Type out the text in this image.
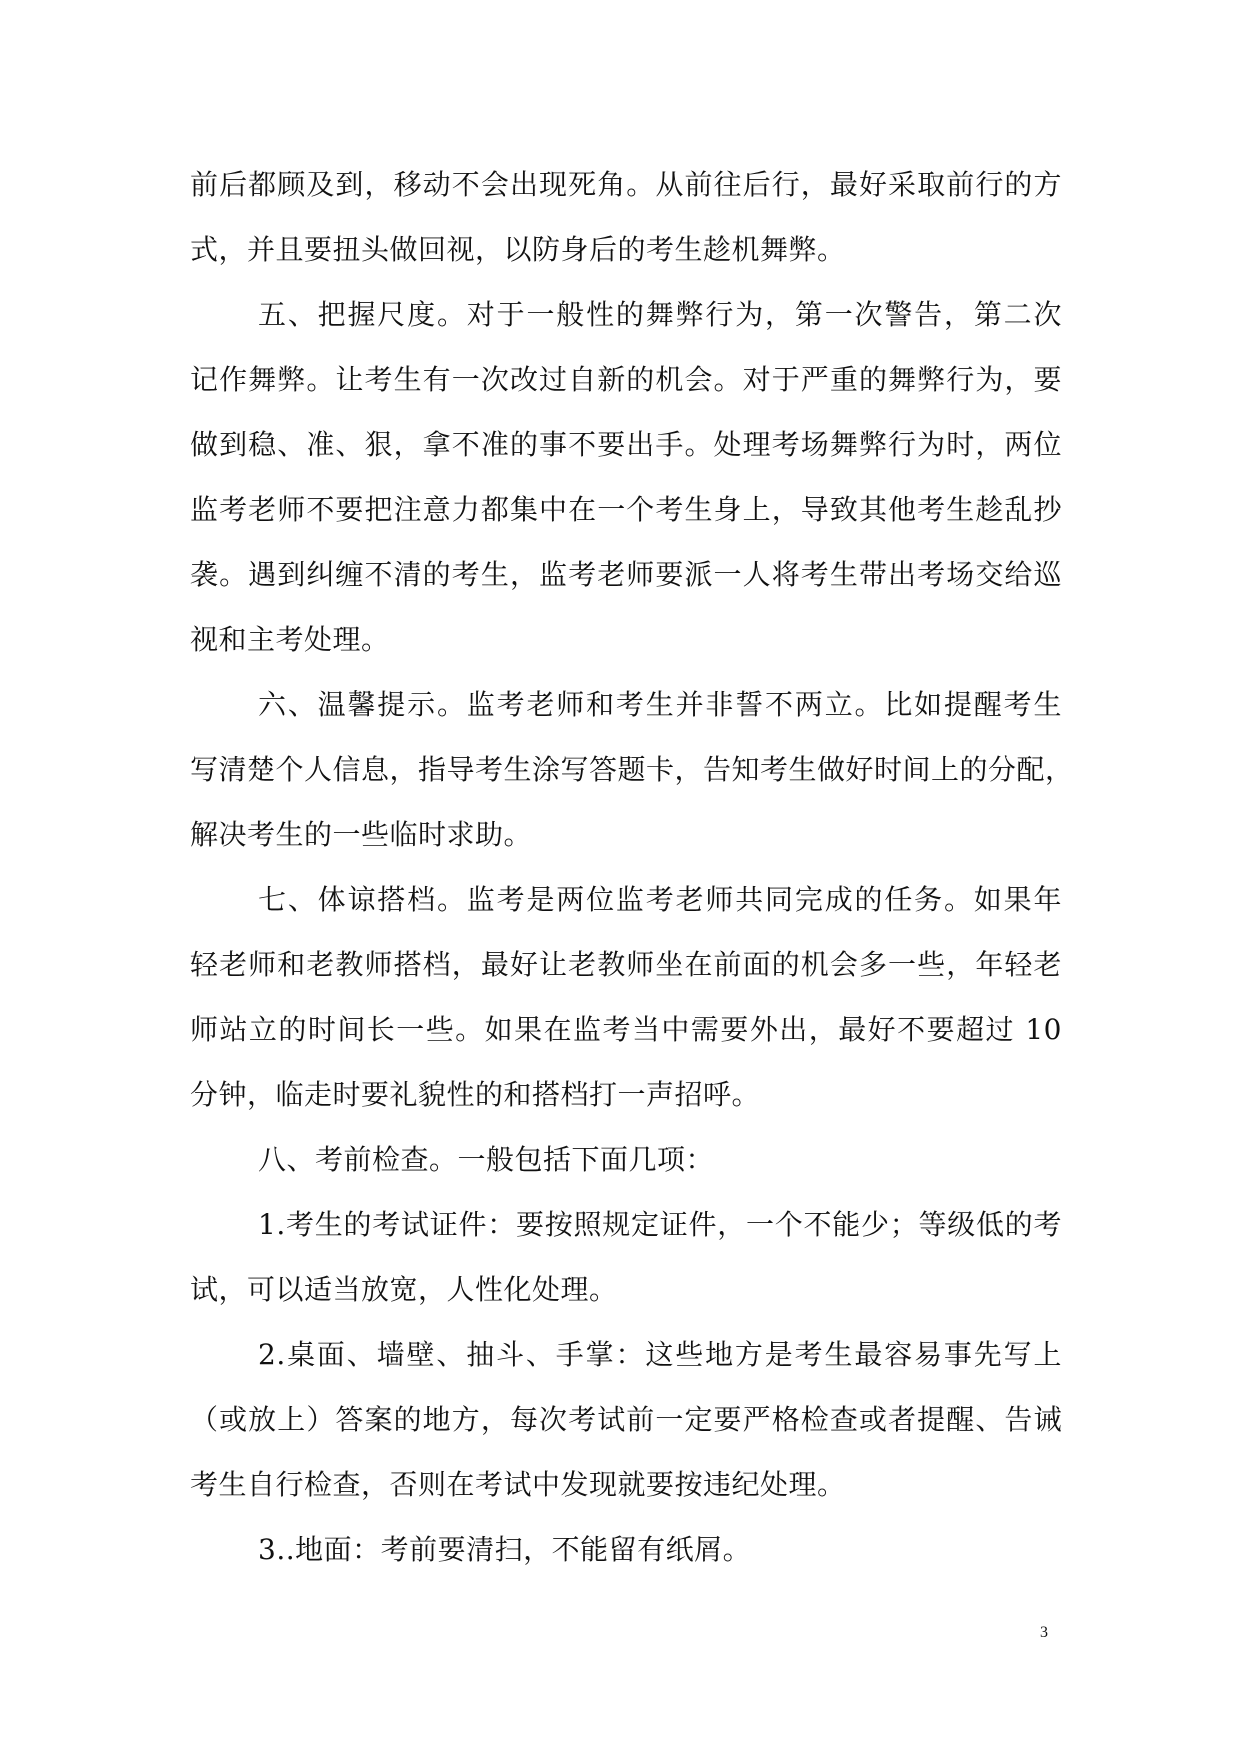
前后都顾及到，移动不会出现死角。从前往后行，最好采取前行的方
式，并且要扭头做回视，以防身后的考生趁机舞弊。
五、把握尺度。对于一般性的舞弊行为，第一次警告，第二次
记作舞弊。让考生有一次改过自新的机会。对于严重的舞弊行为，要
做到稳、准、狠，拿不准的事不要出手。处理考场舞弊行为时，两位
监考老师不要把注意力都集中在一个考生身上，导致其他考生趁乱抄
袭。遇到纠缠不清的考生，监考老师要派一人将考生带出考场交给巡
视和主考处理。
六、温馨提示。监考老师和考生并非誓不两立。比如提醒考生
写清楚个人信息，指导考生涂写答题卡，告知考生做好时间上的分配，
解决考生的一些临时求助。
七、体谅搭档。监考是两位监考老师共同完成的任务。如果年
轻老师和老教师搭档，最好让老教师坐在前面的机会多一些，年轻老
师站立的时间长一些。如果在监考当中需要外出，最好不要超过 10
分钟，临走时要礼貌性的和搭档打一声招呼。
八、考前检查。一般包括下面几项：
1.考生的考试证件：要按照规定证件，一个不能少；等级低的考
试，可以适当放宽，人性化处理。
2.桌面、墙壁、抽斗、手掌：这些地方是考生最容易事先写上
（或放上）答案的地方，每次考试前一定要严格检查或者提醒、告诫
考生自行检查，否则在考试中发现就要按违纪处理。
3..地面：考前要清扫，不能留有纸屑。
3
